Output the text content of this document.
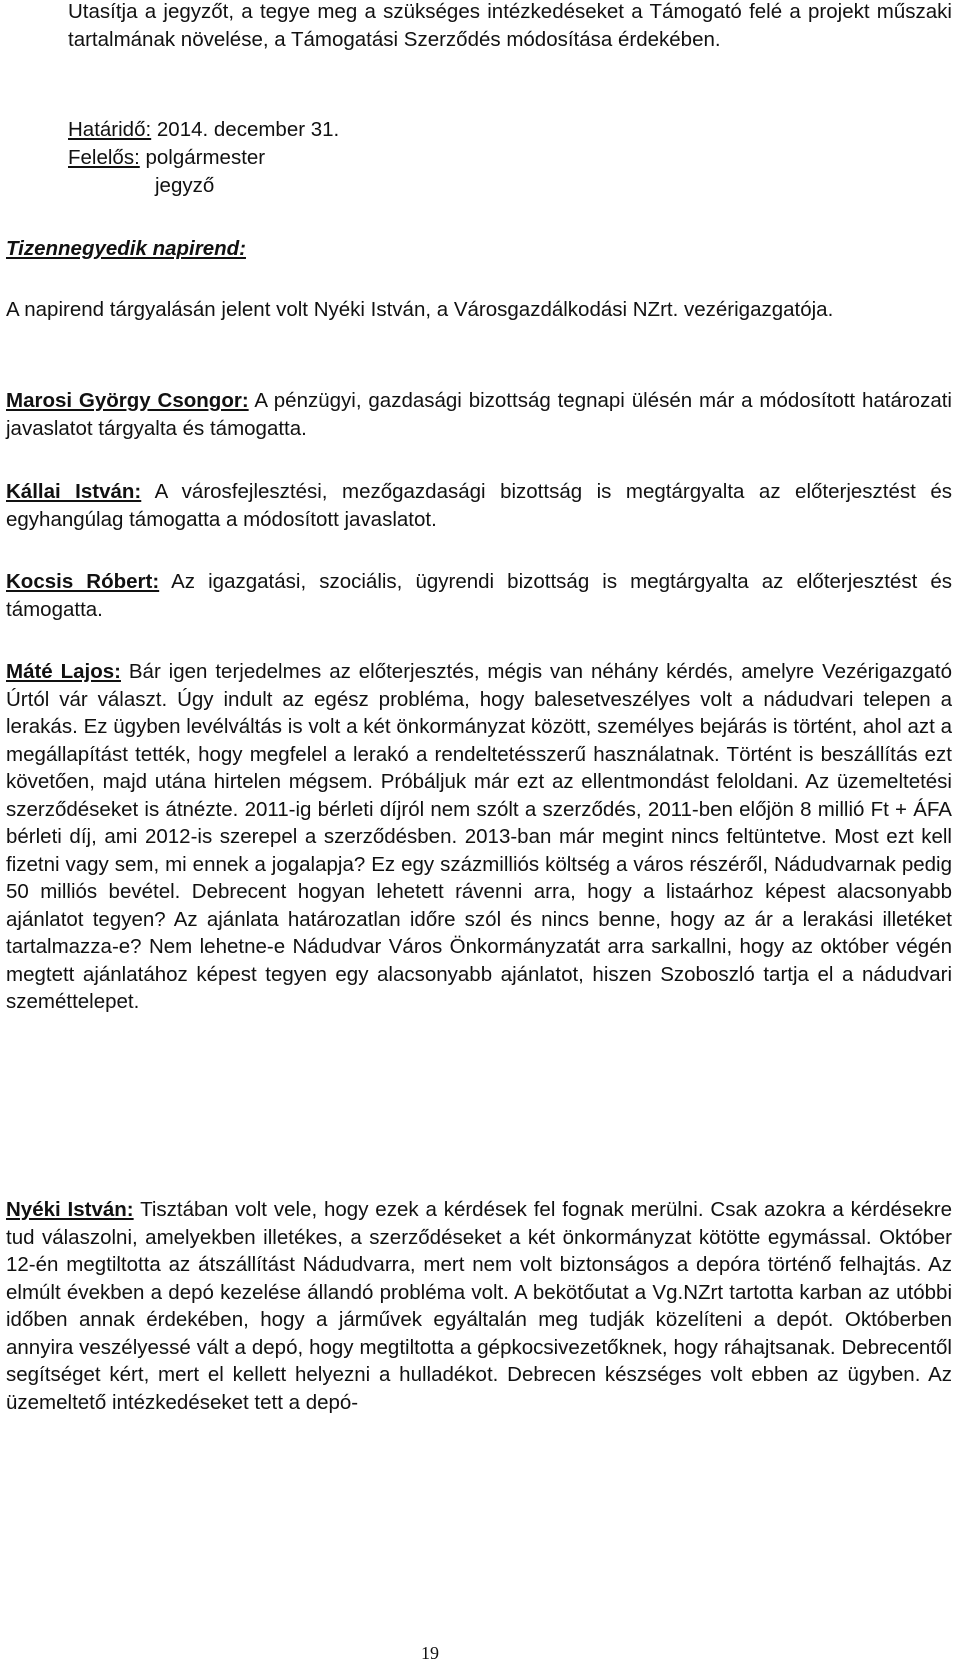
Utasítja a jegyzőt, a tegye meg a szükséges intézkedéseket a Támogató felé a projekt műszaki tartalmának növelése, a Támogatási Szerződés módosítása érdekében.

Határidő: 2014. december 31.
Felelős: polgármester
jegyző
Tizennegyedik napirend:

A napirend tárgyalásán jelent volt Nyéki István, a Városgazdálkodási NZrt. vezérigazgatója.

Marosi György Csongor: A pénzügyi, gazdasági bizottság tegnapi ülésén már a módosított határozati javaslatot tárgyalta és támogatta.

Kállai István: A városfejlesztési, mezőgazdasági bizottság is megtárgyalta az előterjesztést és egyhangúlag támogatta a módosított javaslatot.

Kocsis Róbert: Az igazgatási, szociális, ügyrendi bizottság is megtárgyalta az előterjesztést és támogatta.

Máté Lajos: Bár igen terjedelmes az előterjesztés, mégis van néhány kérdés, amelyre Vezérigazgató Úrtól vár választ. Úgy indult az egész probléma, hogy balesetveszélyes volt a nádudvari telepen a lerakás. Ez ügyben levélváltás is volt a két önkormányzat között, személyes bejárás is történt, ahol azt a megállapítást tették, hogy megfelel a lerakó a rendeltetésszerű használatnak. Történt is beszállítás ezt követően, majd utána hirtelen mégsem. Próbáljuk már ezt az ellentmondást feloldani. Az üzemeltetési szerződéseket is átnézte. 2011-ig bérleti díjról nem szólt a szerződés, 2011-ben előjön 8 millió Ft + ÁFA bérleti díj, ami 2012-is szerepel a szerződésben. 2013-ban már megint nincs feltüntetve. Most ezt kell fizetni vagy sem, mi ennek a jogalapja? Ez egy százmilliós költség a város részéről, Nádudvarnak pedig 50 milliós bevétel. Debrecent hogyan lehetett rávenni arra, hogy a listaárhoz képest alacsonyabb ajánlatot tegyen? Az ajánlata határozatlan időre szól és nincs benne, hogy az ár a lerakási illetéket tartalmazza-e? Nem lehetne-e Nádudvar Város Önkormányzatát arra sarkallni, hogy az október végén megtett ajánlatához képest tegyen egy alacsonyabb ajánlatot, hiszen Szoboszló tartja el a nádudvari szeméttelepet.

Nyéki István: Tisztában volt vele, hogy ezek a kérdések fel fognak merülni. Csak azokra a kérdésekre tud válaszolni, amelyekben illetékes, a szerződéseket a két önkormányzat kötötte egymással. Október 12-én megtiltotta az átszállítást Nádudvarra, mert nem volt biztonságos a depóra történő felhajtás. Az elmúlt években a depó kezelése állandó probléma volt. A bekötőutat a Vg.NZrt tartotta karban az utóbbi időben annak érdekében, hogy a járművek egyáltalán meg tudják közelíteni a depót. Októberben annyira veszélyessé vált a depó, hogy megtiltotta a gépkocsivezetőknek, hogy ráhajtsanak. Debrecentől segítséget kért, mert el kellett helyezni a hulladékot. Debrecen készséges volt ebben az ügyben. Az üzemeltető intézkedéseket tett a depó-

19
